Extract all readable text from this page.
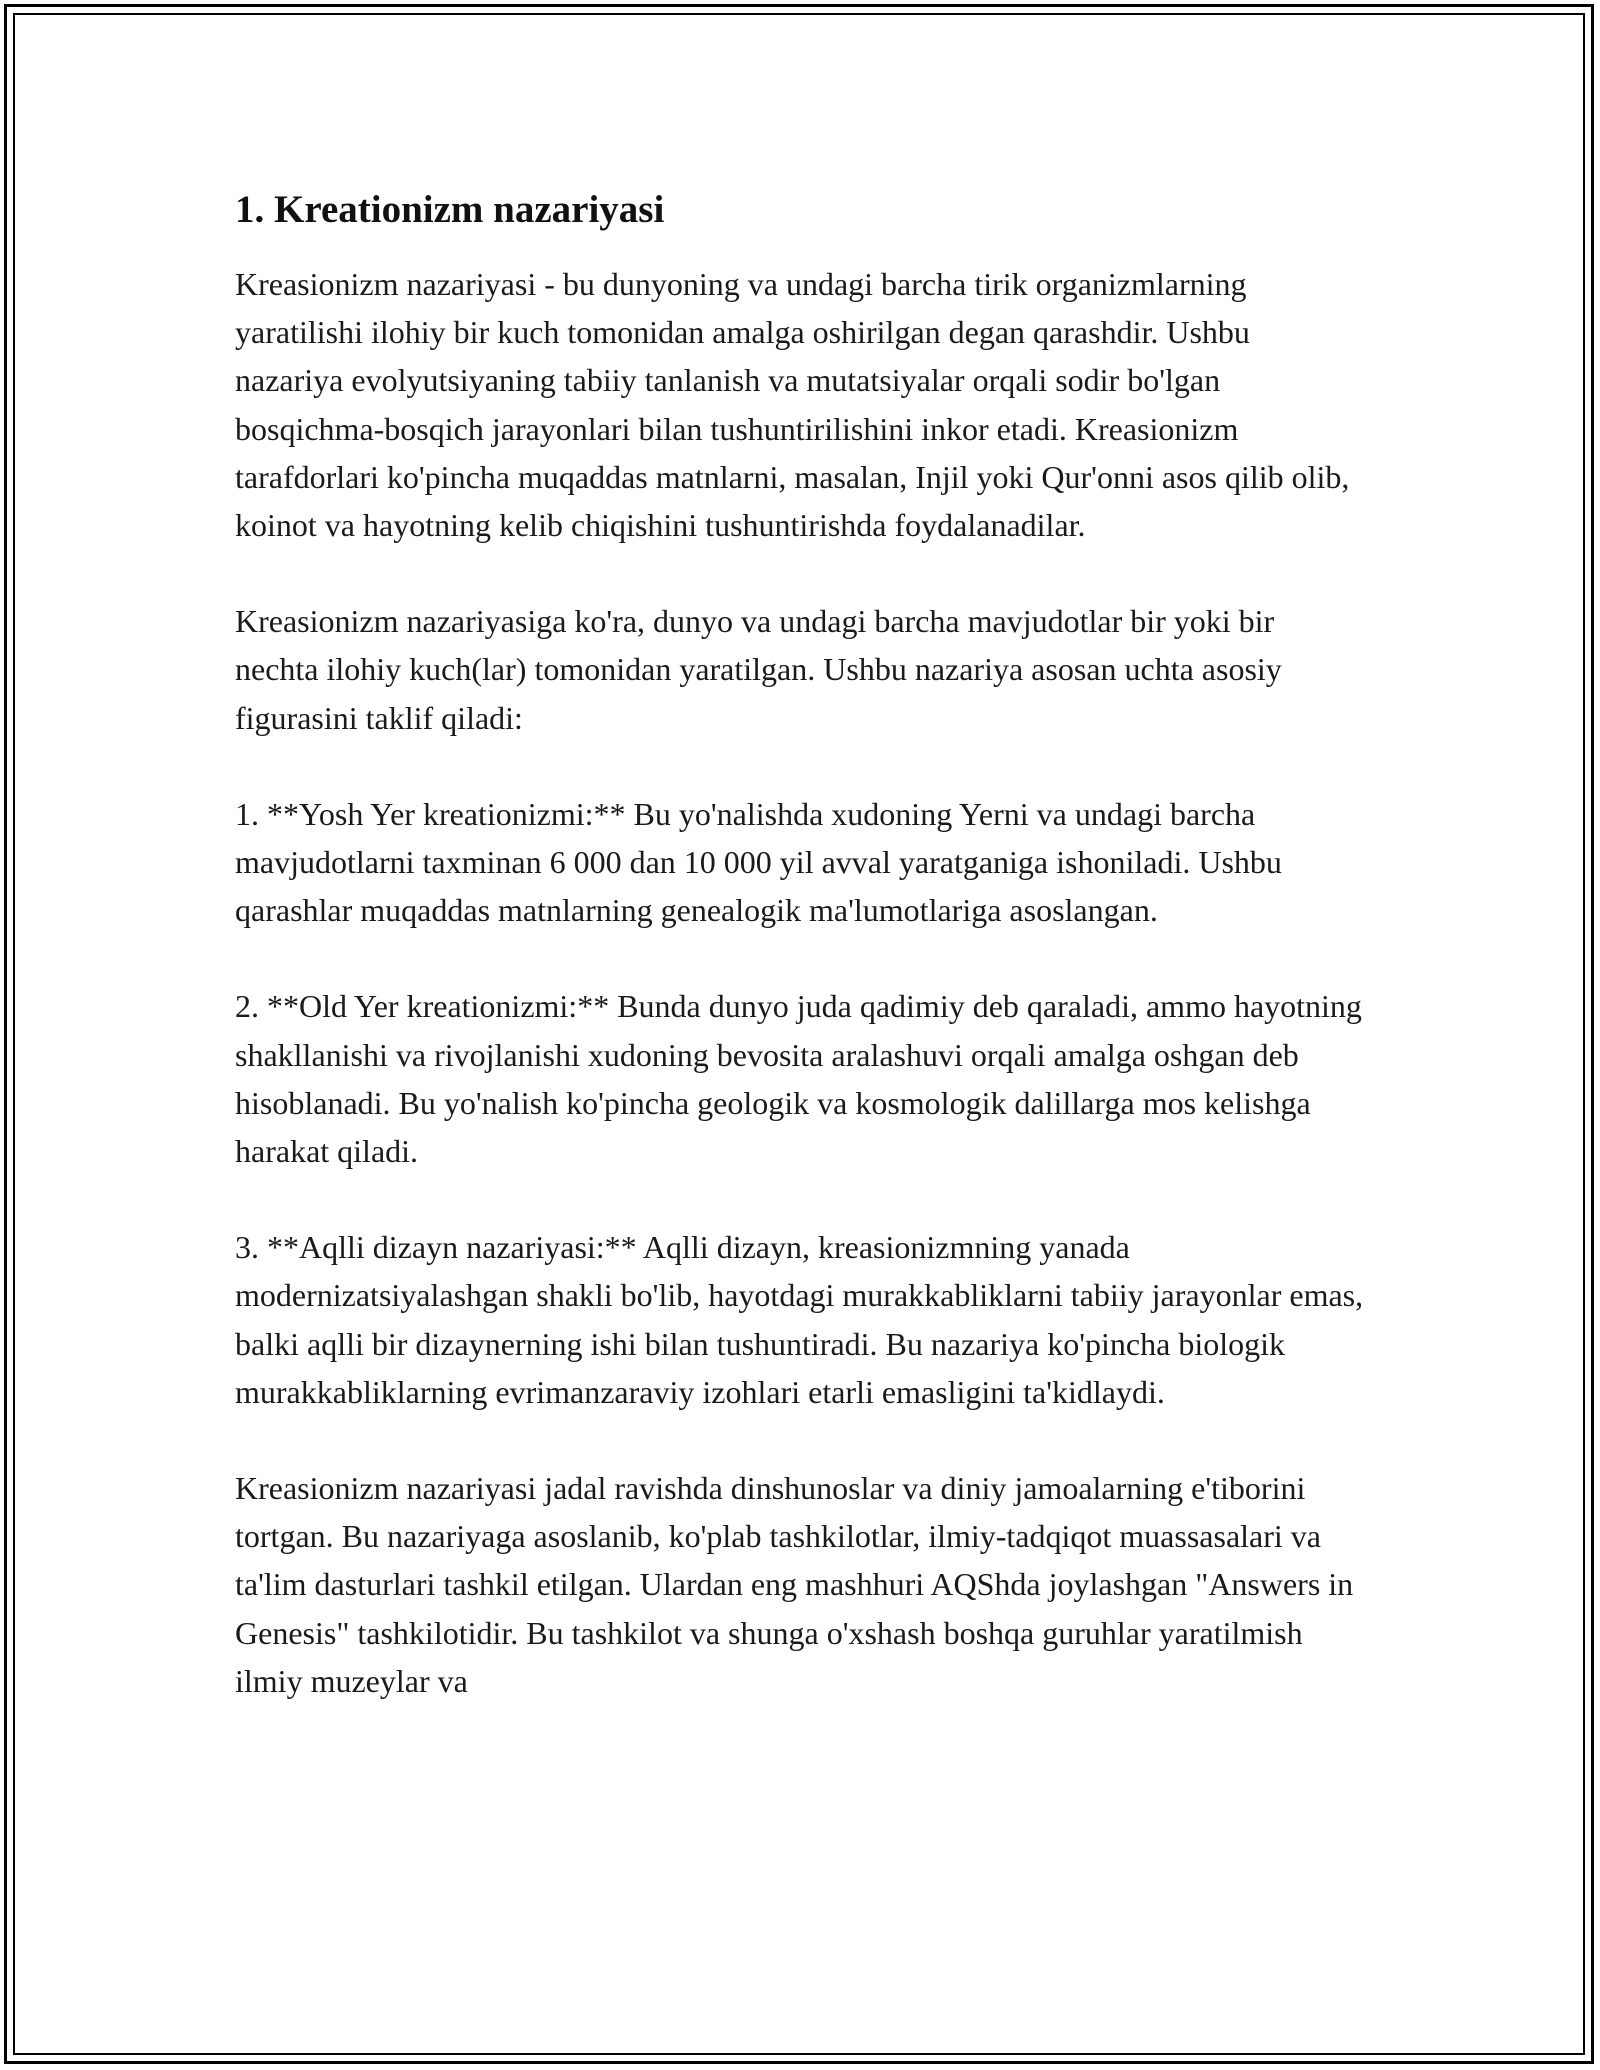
1. Kreationizm nazariyasi

Kreasionizm nazariyasi - bu dunyoning va undagi barcha tirik organizmlarning yaratilishi ilohiy bir kuch tomonidan amalga oshirilgan degan qarashdir. Ushbu nazariya evolyutsiyaning tabiiy tanlanish va mutatsiyalar orqali sodir bo'lgan bosqichma-bosqich jarayonlari bilan tushuntirilishini inkor etadi. Kreasionizm tarafdorlari ko'pincha muqaddas matnlarni, masalan, Injil yoki Qur'onni asos qilib olib, koinot va hayotning kelib chiqishini tushuntirishda foydalanadilar.

Kreasionizm nazariyasiga ko'ra, dunyo va undagi barcha mavjudotlar bir yoki bir nechta ilohiy kuch(lar) tomonidan yaratilgan. Ushbu nazariya asosan uchta asosiy figurasini taklif qiladi:

1. **Yosh Yer kreationizmi:** Bu yo'nalishda xudoning Yerni va undagi barcha mavjudotlarni taxminan 6 000 dan 10 000 yil avval yaratganiga ishoniladi. Ushbu qarashlar muqaddas matnlarning genealogik ma'lumotlariga asoslangan.

2. **Old Yer kreationizmi:** Bunda dunyo juda qadimiy deb qaraladi, ammo hayotning shakllanishi va rivojlanishi xudoning bevosita aralashuvi orqali amalga oshgan deb hisoblanadi. Bu yo'nalish ko'pincha geologik va kosmologik dalillarga mos kelishga harakat qiladi.

3. **Aqlli dizayn nazariyasi:** Aqlli dizayn, kreasionizmning yanada modernizatsiyalashgan shakli bo'lib, hayotdagi murakkabliklarni tabiiy jarayonlar emas, balki aqlli bir dizaynerning ishi bilan tushuntiradi. Bu nazariya ko'pincha biologik murakkabliklarning evrimanzaraviy izohlari etarli emasligini ta'kidlaydi.

Kreasionizm nazariyasi jadal ravishda dinshunoslar va diniy jamoalarning e'tiborini tortgan. Bu nazariyaga asoslanib, ko'plab tashkilotlar, ilmiy-tadqiqot muassasalari va ta'lim dasturlari tashkil etilgan. Ulardan eng mashhuri AQShda joylashgan "Answers in Genesis" tashkilotidir. Bu tashkilot va shunga o'xshash boshqa guruhlar yaratilmish ilmiy muzeylar va
